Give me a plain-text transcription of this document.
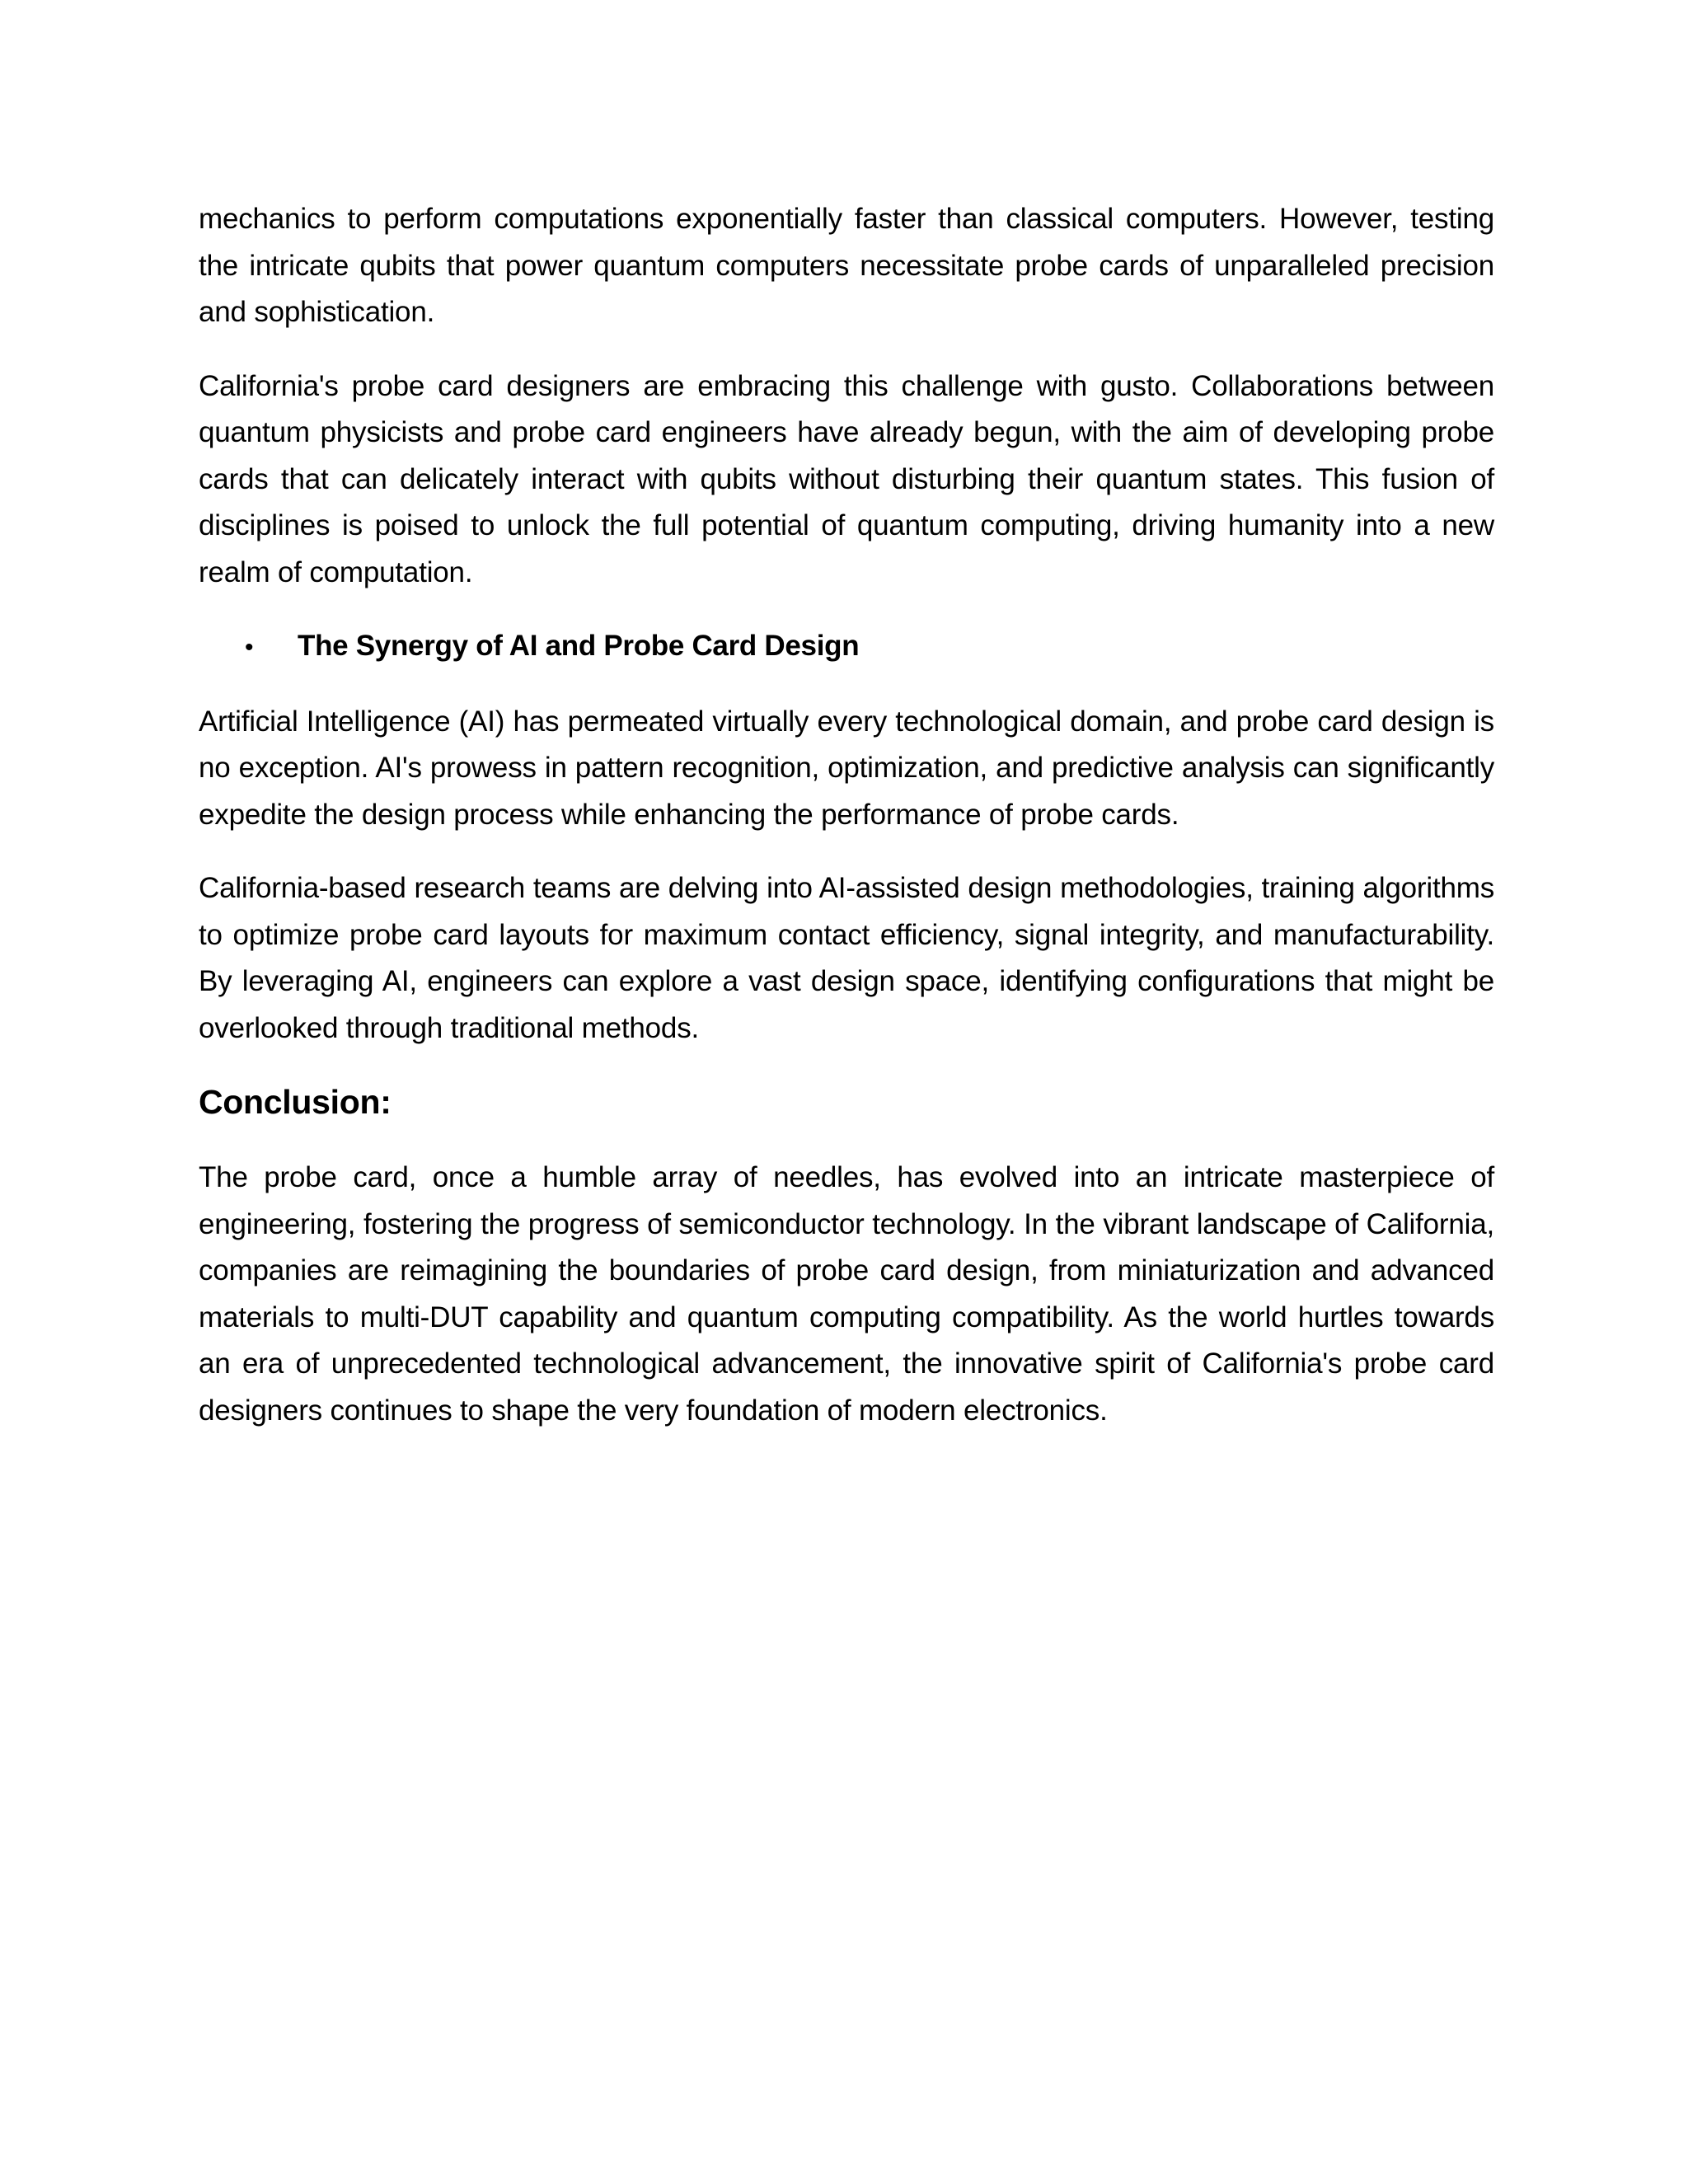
mechanics to perform computations exponentially faster than classical computers. However, testing the intricate qubits that power quantum computers necessitate probe cards of unparalleled precision and sophistication.

California's probe card designers are embracing this challenge with gusto. Collaborations between quantum physicists and probe card engineers have already begun, with the aim of developing probe cards that can delicately interact with qubits without disturbing their quantum states. This fusion of disciplines is poised to unlock the full potential of quantum computing, driving humanity into a new realm of computation.

•	The Synergy of AI and Probe Card Design

Artificial Intelligence (AI) has permeated virtually every technological domain, and probe card design is no exception. AI's prowess in pattern recognition, optimization, and predictive analysis can significantly expedite the design process while enhancing the performance of probe cards.

California-based research teams are delving into AI-assisted design methodologies, training algorithms to optimize probe card layouts for maximum contact efficiency, signal integrity, and manufacturability. By leveraging AI, engineers can explore a vast design space, identifying configurations that might be overlooked through traditional methods.

Conclusion:

The probe card, once a humble array of needles, has evolved into an intricate masterpiece of engineering, fostering the progress of semiconductor technology. In the vibrant landscape of California, companies are reimagining the boundaries of probe card design, from miniaturization and advanced materials to multi-DUT capability and quantum computing compatibility. As the world hurtles towards an era of unprecedented technological advancement, the innovative spirit of California's probe card designers continues to shape the very foundation of modern electronics.
